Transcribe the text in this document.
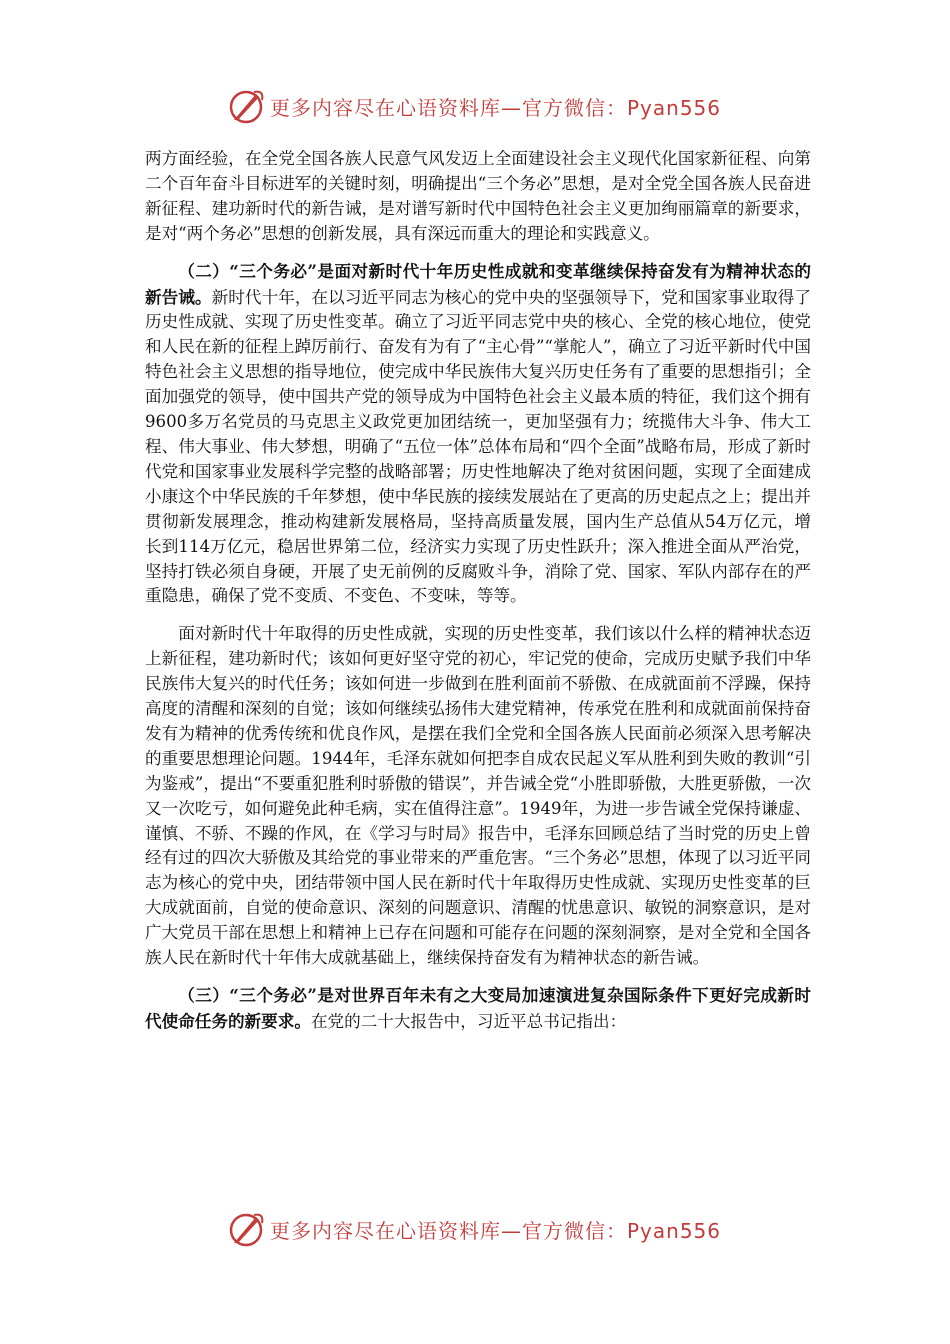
更多内容尽在心语资料库—官方微信：Pyan556

两方面经验，在全党全国各族人民意气风发迈上全面建设社会主义现代化国家新征程、向第二个百年奋斗目标进军的关键时刻，明确提出“三个务必”思想，是对全党全国各族人民奋进新征程、建功新时代的新告诫，是对谱写新时代中国特色社会主义更加绚丽篇章的新要求，是对“两个务必”思想的创新发展，具有深远而重大的理论和实践意义。

（二）“三个务必”是面对新时代十年历史性成就和变革继续保持奋发有为精神状态的新告诫。新时代十年，在以习近平同志为核心的党中央的坚强领导下，党和国家事业取得了历史性成就、实现了历史性变革。确立了习近平同志党中央的核心、全党的核心地位，使党和人民在新的征程上踔厉前行、奋发有为有了“主心骨”“掌舵人”，确立了习近平新时代中国特色社会主义思想的指导地位，使完成中华民族伟大复兴历史任务有了重要的思想指引；全面加强党的领导，使中国共产党的领导成为中国特色社会主义最本质的特征，我们这个拥有9600多万名党员的马克思主义政党更加团结统一，更加坚强有力；统揽伟大斗争、伟大工程、伟大事业、伟大梦想，明确了“五位一体”总体布局和“四个全面”战略布局，形成了新时代党和国家事业发展科学完整的战略部署；历史性地解决了绝对贫困问题，实现了全面建成小康这个中华民族的千年梦想，使中华民族的接续发展站在了更高的历史起点之上；提出并贯彻新发展理念，推动构建新发展格局，坚持高质量发展，国内生产总值从54万亿元，增长到114万亿元，稳居世界第二位，经济实力实现了历史性跃升；深入推进全面从严治党，坚持打铁必须自身硬，开展了史无前例的反腐败斗争，消除了党、国家、军队内部存在的严重隐患，确保了党不变质、不变色、不变味，等等。

面对新时代十年取得的历史性成就，实现的历史性变革，我们该以什么样的精神状态迈上新征程，建功新时代；该如何更好坚守党的初心，牢记党的使命，完成历史赋予我们中华民族伟大复兴的时代任务；该如何进一步做到在胜利面前不骄傲、在成就面前不浮躁，保持高度的清醒和深刻的自觉；该如何继续弘扬伟大建党精神，传承党在胜利和成就面前保持奋发有为精神的优秀传统和优良作风，是摆在我们全党和全国各族人民面前必须深入思考解决的重要思想理论问题。1944年，毛泽东就如何把李自成农民起义军从胜利到失败的教训“引为鉴戒”，提出“不要重犯胜利时骄傲的错误”，并告诫全党“小胜即骄傲，大胜更骄傲，一次又一次吃亏，如何避免此种毛病，实在值得注意”。1949年，为进一步告诫全党保持谦虚、谨慎、不骄、不躁的作风，在《学习与时局》报告中，毛泽东回顾总结了当时党的历史上曾经有过的四次大骄傲及其给党的事业带来的严重危害。“三个务必”思想，体现了以习近平同志为核心的党中央，团结带领中国人民在新时代十年取得历史性成就、实现历史性变革的巨大成就面前，自觉的使命意识、深刻的问题意识、清醒的忧患意识、敏锐的洞察意识，是对广大党员干部在思想上和精神上已存在问题和可能存在问题的深刻洞察，是对全党和全国各族人民在新时代十年伟大成就基础上，继续保持奋发有为精神状态的新告诫。

（三）“三个务必”是对世界百年未有之大变局加速演进复杂国际条件下更好完成新时代使命任务的新要求。在党的二十大报告中，习近平总书记指出：

更多内容尽在心语资料库—官方微信：Pyan556
